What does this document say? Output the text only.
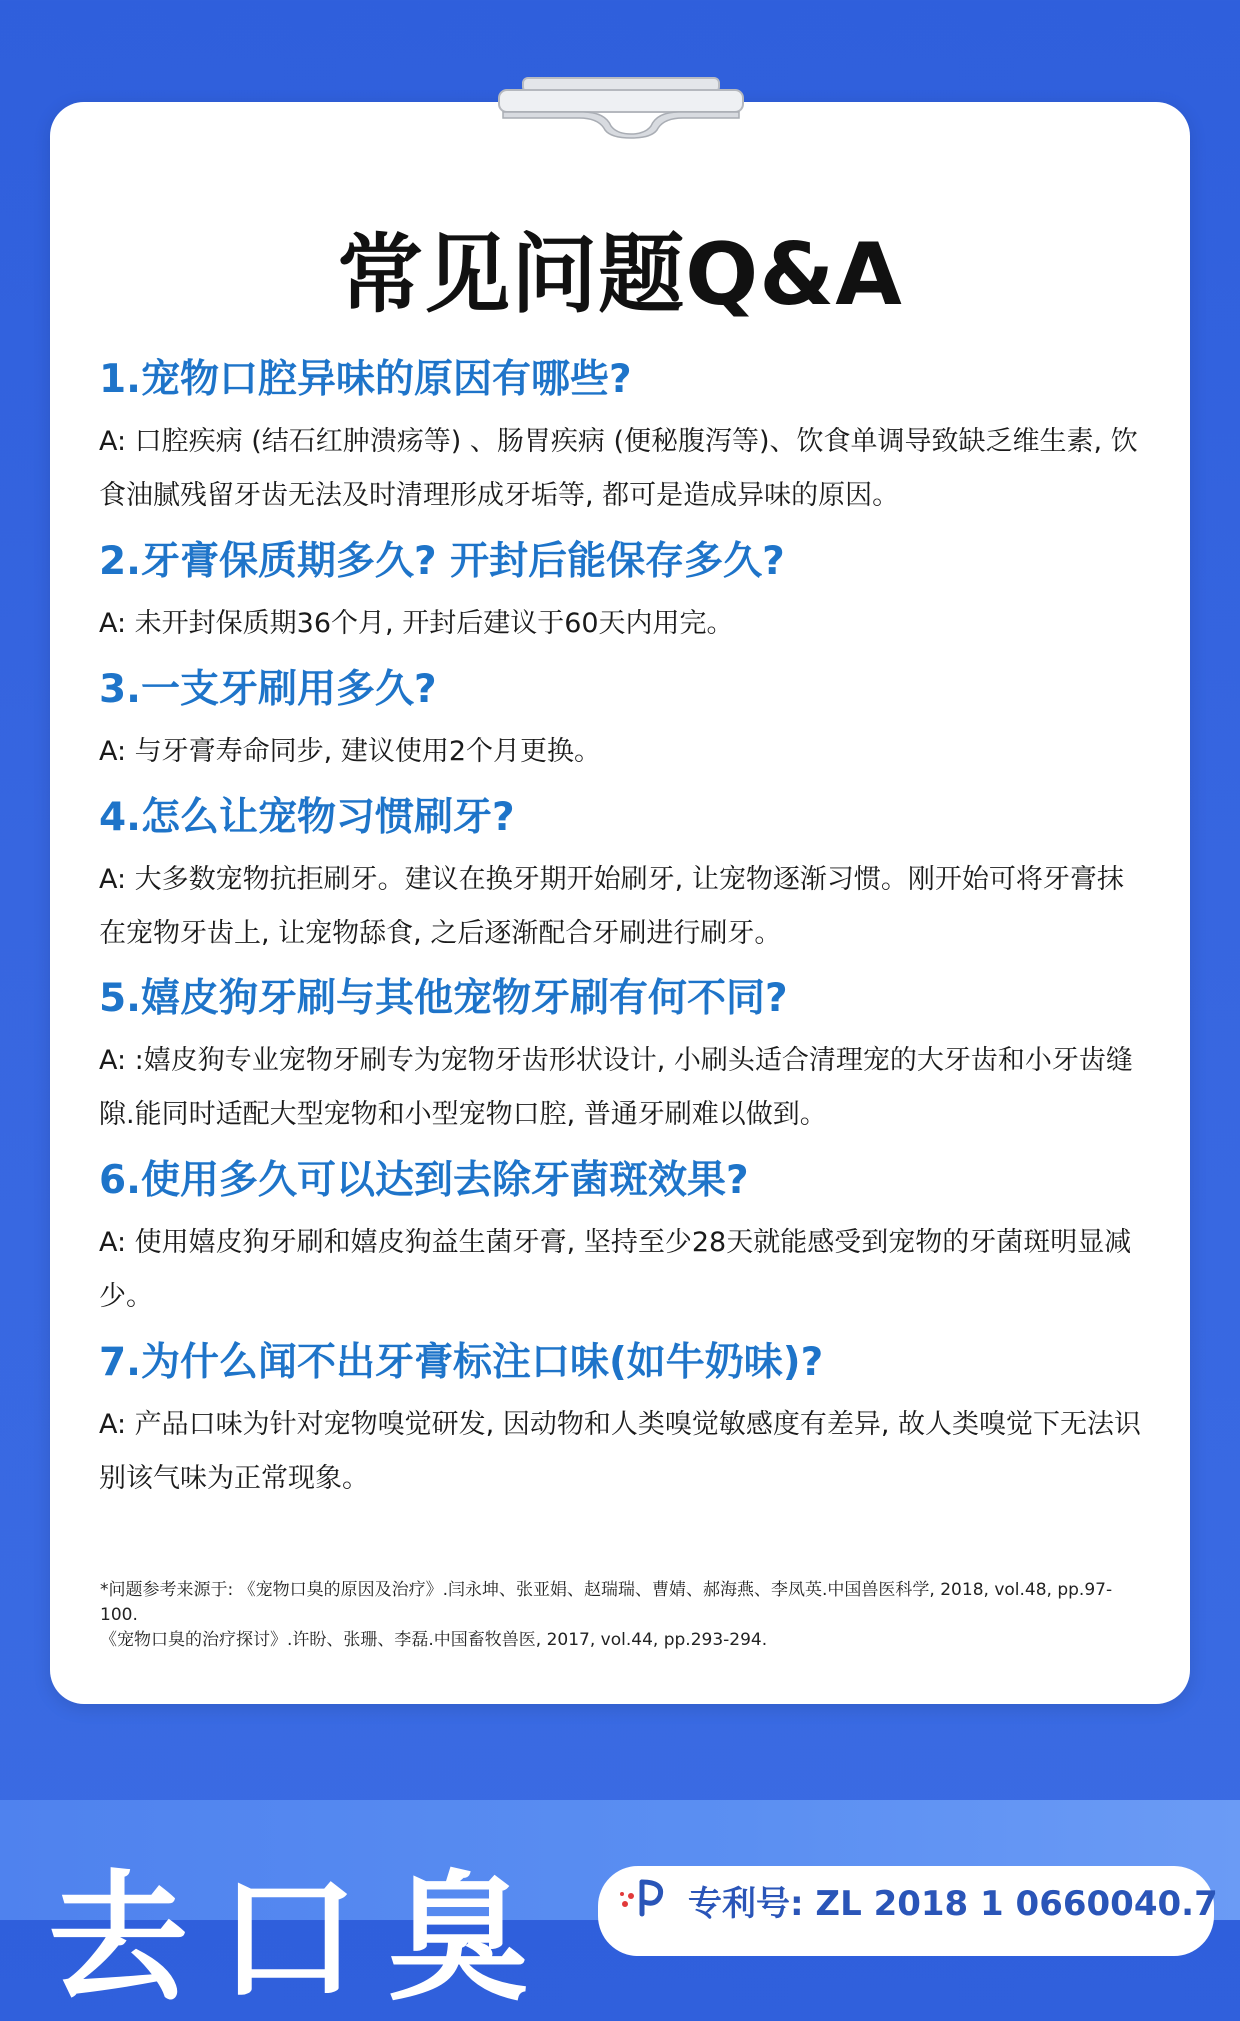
常见问题Q&A

1.宠物口腔异味的原因有哪些?

A: 口腔疾病 (结石红肿溃疡等) 、肠胃疾病 (便秘腹泻等)、饮食单调导致缺乏维生素, 饮食油腻残留牙齿无法及时清理形成牙垢等, 都可是造成异味的原因。

2.牙膏保质期多久? 开封后能保存多久?

A: 未开封保质期36个月, 开封后建议于60天内用完。

3.一支牙刷用多久?

A: 与牙膏寿命同步, 建议使用2个月更换。

4.怎么让宠物习惯刷牙?

A: 大多数宠物抗拒刷牙。建议在换牙期开始刷牙, 让宠物逐渐习惯。刚开始可将牙膏抹在宠物牙齿上, 让宠物舔食, 之后逐渐配合牙刷进行刷牙。

5.嬉皮狗牙刷与其他宠物牙刷有何不同?

A: :嬉皮狗专业宠物牙刷专为宠物牙齿形状设计, 小刷头适合清理宠的大牙齿和小牙齿缝隙.能同时适配大型宠物和小型宠物口腔, 普通牙刷难以做到。

6.使用多久可以达到去除牙菌斑效果?

A: 使用嬉皮狗牙刷和嬉皮狗益生菌牙膏, 坚持至少28天就能感受到宠物的牙菌斑明显减少。

7.为什么闻不出牙膏标注口味(如牛奶味)?

A: 产品口味为针对宠物嗅觉研发, 因动物和人类嗅觉敏感度有差异, 故人类嗅觉下无法识别该气味为正常现象。
*问题参考来源于: 《宠物口臭的原因及治疗》.闫永坤、张亚娟、赵瑞瑞、曹婧、郝海燕、李凤英.中国兽医科学, 2018, vol.48, pp.97-100.
《宠物口臭的治疗探讨》.许盼、张珊、李磊.中国畜牧兽医, 2017, vol.44, pp.293-294.
去口臭	专利号: ZL 2018 1 0660040.7
